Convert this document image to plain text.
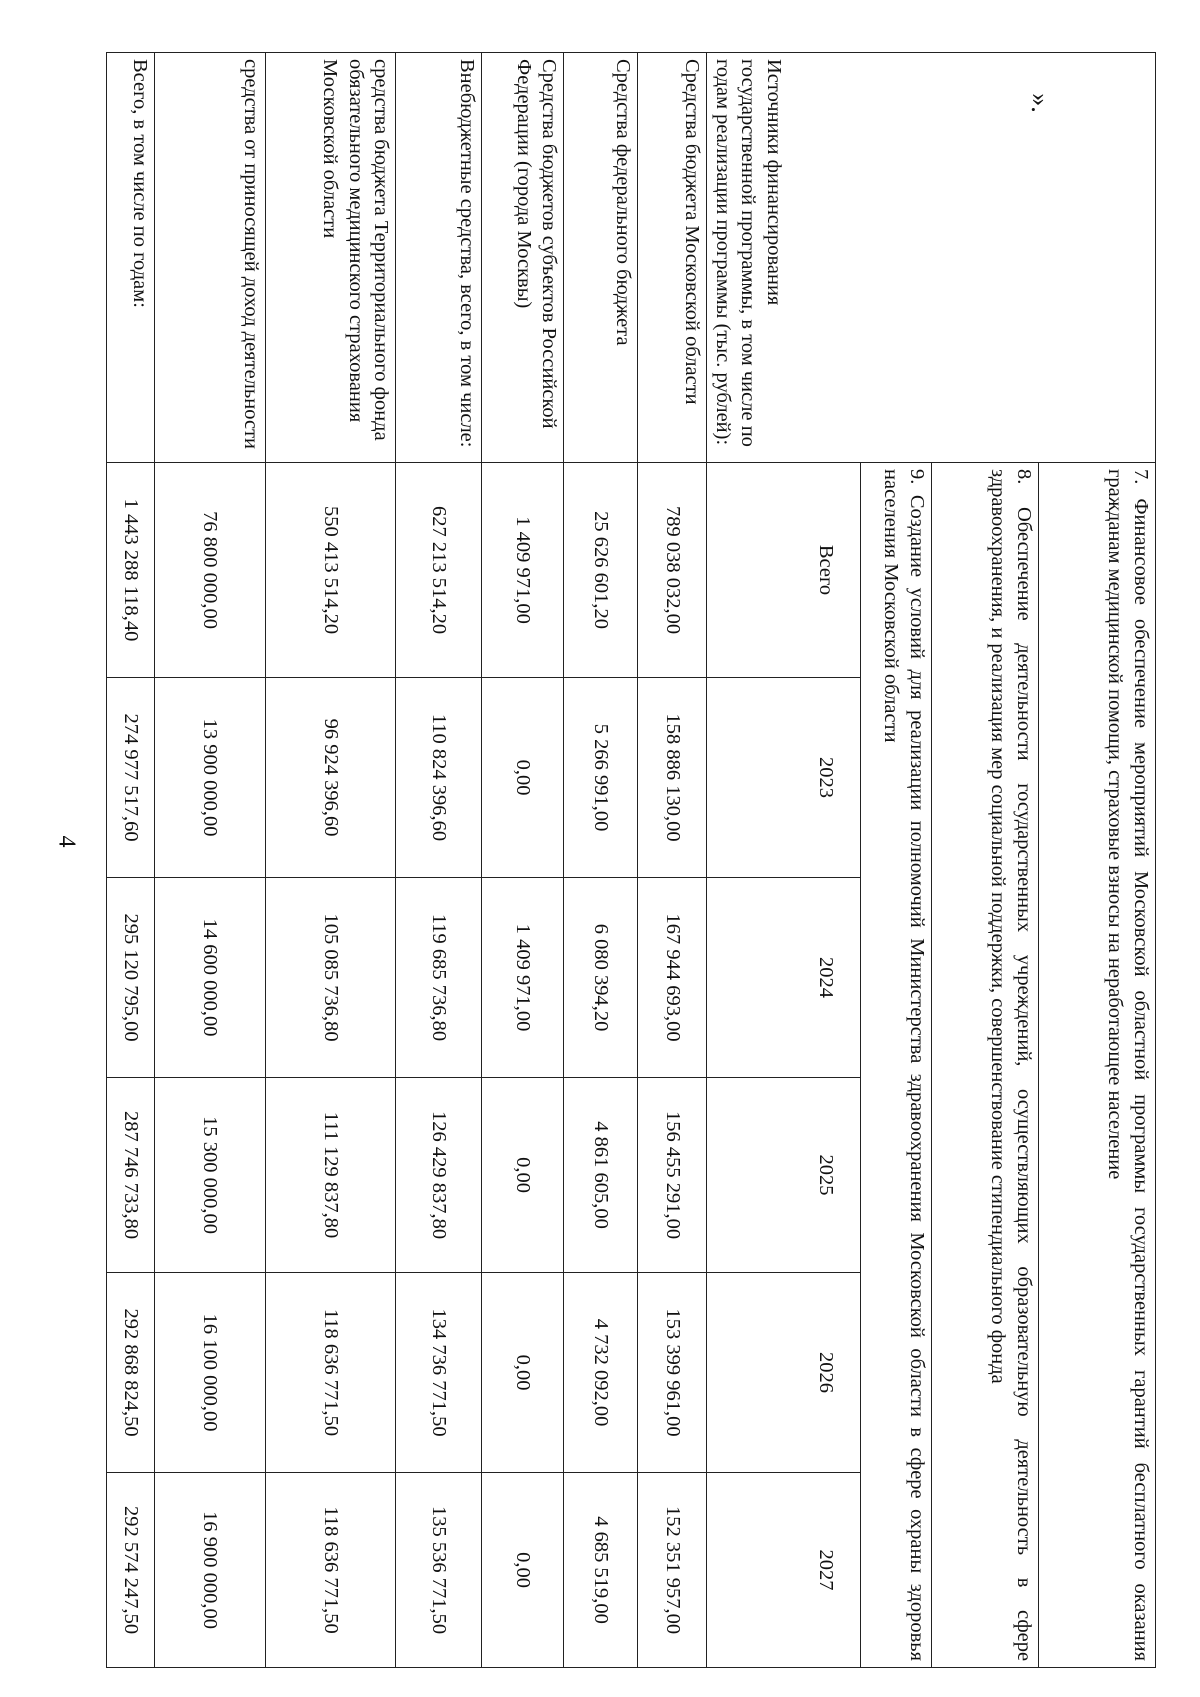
4
».
Источники финансирования государственной программы, в том числе по годам реализации программы (тыс. рублей):	7. Финансовое обеспечение мероприятий Московской областной программы государственных гарантий бесплатного оказания гражданам медицинской помощи, страховые взносы на неработающее население					
	8. Обеспечение деятельности государственных учреждений, осуществляющих образовательную деятельность в сфере здравоохранения, и реализация мер социальной поддержки, совершенствование стипендиального фонда					
	9. Создание условий для реализации полномочий Министерства здравоохранения Московской области в сфере охраны здоровья населения Московской области					
	Всего	2023	2024	2025	2026	2027
Средства бюджета Московской области	789 038 032,00	158 886 130,00	167 944 693,00	156 455 291,00	153 399 961,00	152 351 957,00
Средства федерального бюджета	25 626 601,20	5 266 991,00	6 080 394,20	4 861 605,00	4 732 092,00	4 685 519,00
Средства бюджетов субъектов Российской Федерации (города Москвы)	1 409 971,00	0,00	1 409 971,00	0,00	0,00	0,00
Внебюджетные средства, всего, в том числе:	627 213 514,20	110 824 396,60	119 685 736,80	126 429 837,80	134 736 771,50	135 536 771,50
средства бюджета Территориального фонда обязательного медицинского страхования Московской области	550 413 514,20	96 924 396,60	105 085 736,80	111 129 837,80	118 636 771,50	118 636 771,50
средства от приносящей доход деятельности	76 800 000,00	13 900 000,00	14 600 000,00	15 300 000,00	16 100 000,00	16 900 000,00
Всего, в том числе по годам:	1 443 288 118,40	274 977 517,60	295 120 795,00	287 746 733,80	292 868 824,50	292 574 247,50
